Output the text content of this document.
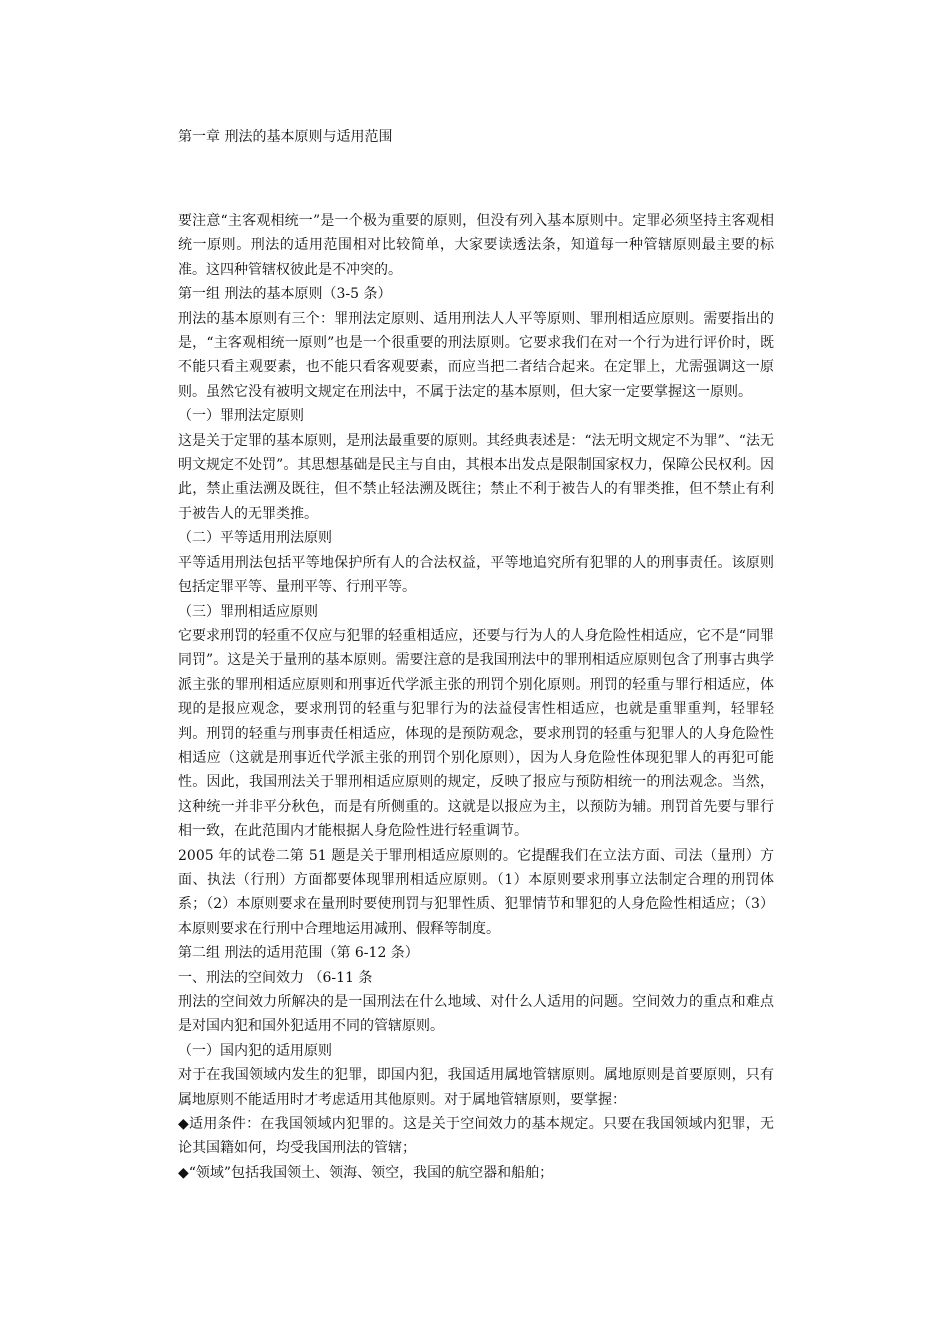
第一章 刑法的基本原则与适用范围

要注意“主客观相统一”是一个极为重要的原则，但没有列入基本原则中。定罪必须坚持主客观相统一原则。刑法的适用范围相对比较简单，大家要读透法条，知道每一种管辖原则最主要的标准。这四种管辖权彼此是不冲突的。

第一组 刑法的基本原则（3-5 条）

刑法的基本原则有三个：罪刑法定原则、适用刑法人人平等原则、罪刑相适应原则。需要指出的是，“主客观相统一原则”也是一个很重要的刑法原则。它要求我们在对一个行为进行评价时，既不能只看主观要素，也不能只看客观要素，而应当把二者结合起来。在定罪上，尤需强调这一原则。虽然它没有被明文规定在刑法中，不属于法定的基本原则，但大家一定要掌握这一原则。

（一）罪刑法定原则

这是关于定罪的基本原则，是刑法最重要的原则。其经典表述是：“法无明文规定不为罪”、“法无明文规定不处罚”。其思想基础是民主与自由，其根本出发点是限制国家权力，保障公民权利。因此，禁止重法溯及既往，但不禁止轻法溯及既往；禁止不利于被告人的有罪类推，但不禁止有利于被告人的无罪类推。

（二）平等适用刑法原则

平等适用刑法包括平等地保护所有人的合法权益，平等地追究所有犯罪的人的刑事责任。该原则包括定罪平等、量刑平等、行刑平等。

（三）罪刑相适应原则

它要求刑罚的轻重不仅应与犯罪的轻重相适应，还要与行为人的人身危险性相适应，它不是“同罪同罚”。这是关于量刑的基本原则。需要注意的是我国刑法中的罪刑相适应原则包含了刑事古典学派主张的罪刑相适应原则和刑事近代学派主张的刑罚个别化原则。刑罚的轻重与罪行相适应，体现的是报应观念，要求刑罚的轻重与犯罪行为的法益侵害性相适应，也就是重罪重判，轻罪轻判。刑罚的轻重与刑事责任相适应，体现的是预防观念，要求刑罚的轻重与犯罪人的人身危险性相适应（这就是刑事近代学派主张的刑罚个别化原则），因为人身危险性体现犯罪人的再犯可能性。因此，我国刑法关于罪刑相适应原则的规定，反映了报应与预防相统一的刑法观念。当然，这种统一并非平分秋色，而是有所侧重的。这就是以报应为主，以预防为辅。刑罚首先要与罪行相一致，在此范围内才能根据人身危险性进行轻重调节。

2005 年的试卷二第 51 题是关于罪刑相适应原则的。它提醒我们在立法方面、司法（量刑）方面、执法（行刑）方面都要体现罪刑相适应原则。（1）本原则要求刑事立法制定合理的刑罚体系；（2）本原则要求在量刑时要使刑罚与犯罪性质、犯罪情节和罪犯的人身危险性相适应；（3）本原则要求在行刑中合理地运用减刑、假释等制度。

第二组 刑法的适用范围（第 6-12 条）

一、刑法的空间效力 （6-11 条

刑法的空间效力所解决的是一国刑法在什么地域、对什么人适用的问题。空间效力的重点和难点是对国内犯和国外犯适用不同的管辖原则。

（一）国内犯的适用原则

对于在我国领域内发生的犯罪，即国内犯，我国适用属地管辖原则。属地原则是首要原则，只有属地原则不能适用时才考虑适用其他原则。对于属地管辖原则，要掌握：

◆适用条件：在我国领域内犯罪的。这是关于空间效力的基本规定。只要在我国领域内犯罪，无论其国籍如何，均受我国刑法的管辖；

◆“领域”包括我国领土、领海、领空，我国的航空器和船舶；
